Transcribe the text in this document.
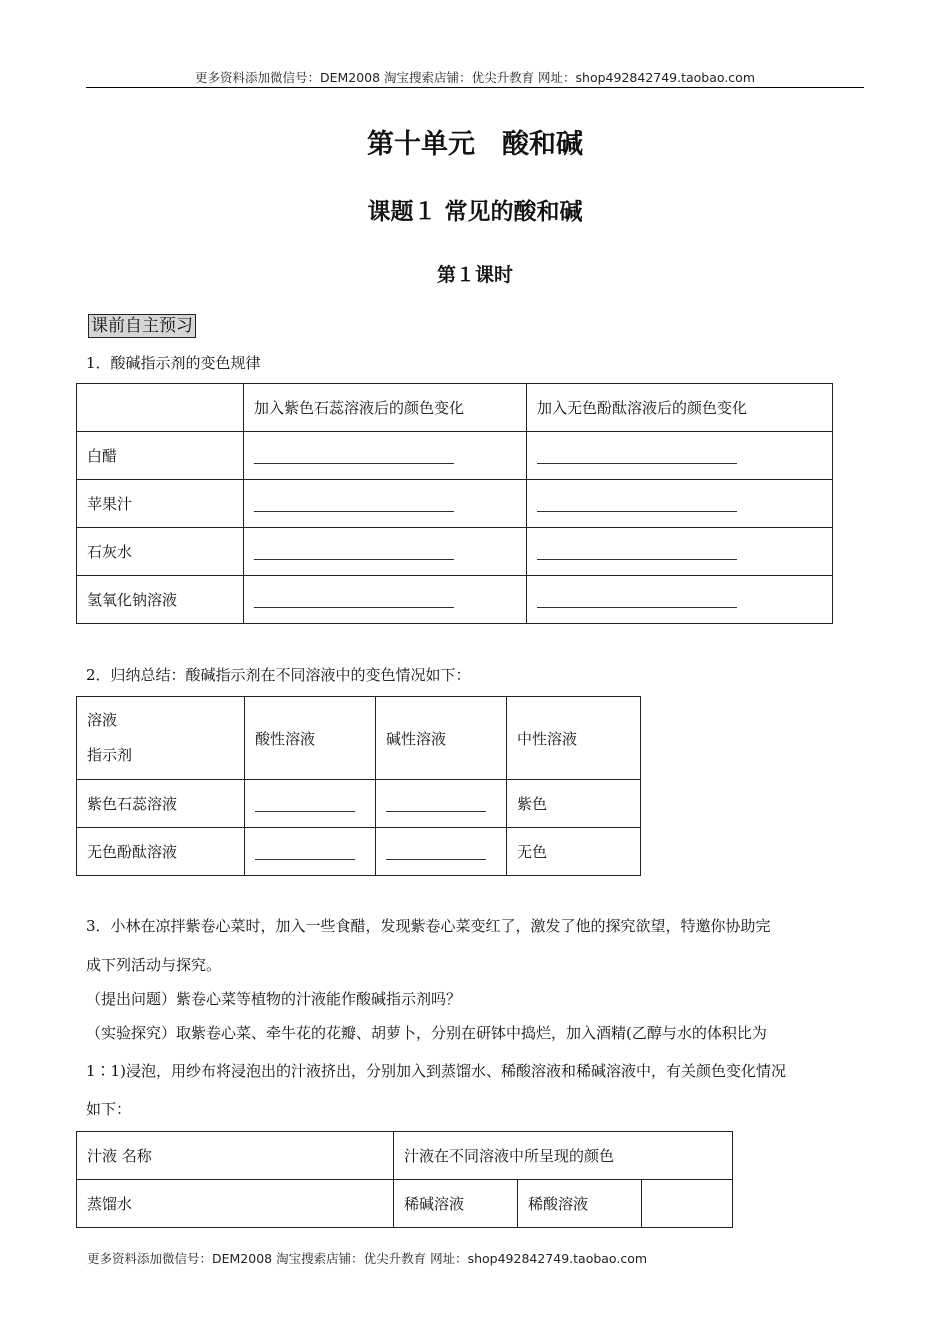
更多资料添加微信号：DEM2008 淘宝搜索店铺：优尖升教育 网址：shop492842749.taobao.com
第十单元　酸和碱
课题１ 常见的酸和碱
第１课时
课前自主预习
1．酸碱指示剂的变色规律
	加入紫色石蕊溶液后的颜色变化	加入无色酚酞溶液后的颜色变化
白醋		
苹果汁		
石灰水		
氢氧化钠溶液		
2．归纳总结：酸碱指示剂在不同溶液中的变色情况如下：
溶液
指示剂	酸性溶液	碱性溶液	中性溶液
紫色石蕊溶液			紫色
无色酚酞溶液			无色
3．小林在凉拌紫卷心菜时，加入一些食醋，发现紫卷心菜变红了，激发了他的探究欲望，特邀你协助完
成下列活动与探究。
（提出问题）紫卷心菜等植物的汁液能作酸碱指示剂吗？
（实验探究）取紫卷心菜、牵牛花的花瓣、胡萝卜，分别在研钵中捣烂，加入酒精(乙醇与水的体积比为
1∶1)浸泡，用纱布将浸泡出的汁液挤出，分别加入到蒸馏水、稀酸溶液和稀碱溶液中，有关颜色变化情况
如下：
汁液 名称	汁液在不同溶液中所呈现的颜色		
蒸馏水	稀碱溶液	稀酸溶液	
更多资料添加微信号：DEM2008 淘宝搜索店铺：优尖升教育 网址：shop492842749.taobao.com
